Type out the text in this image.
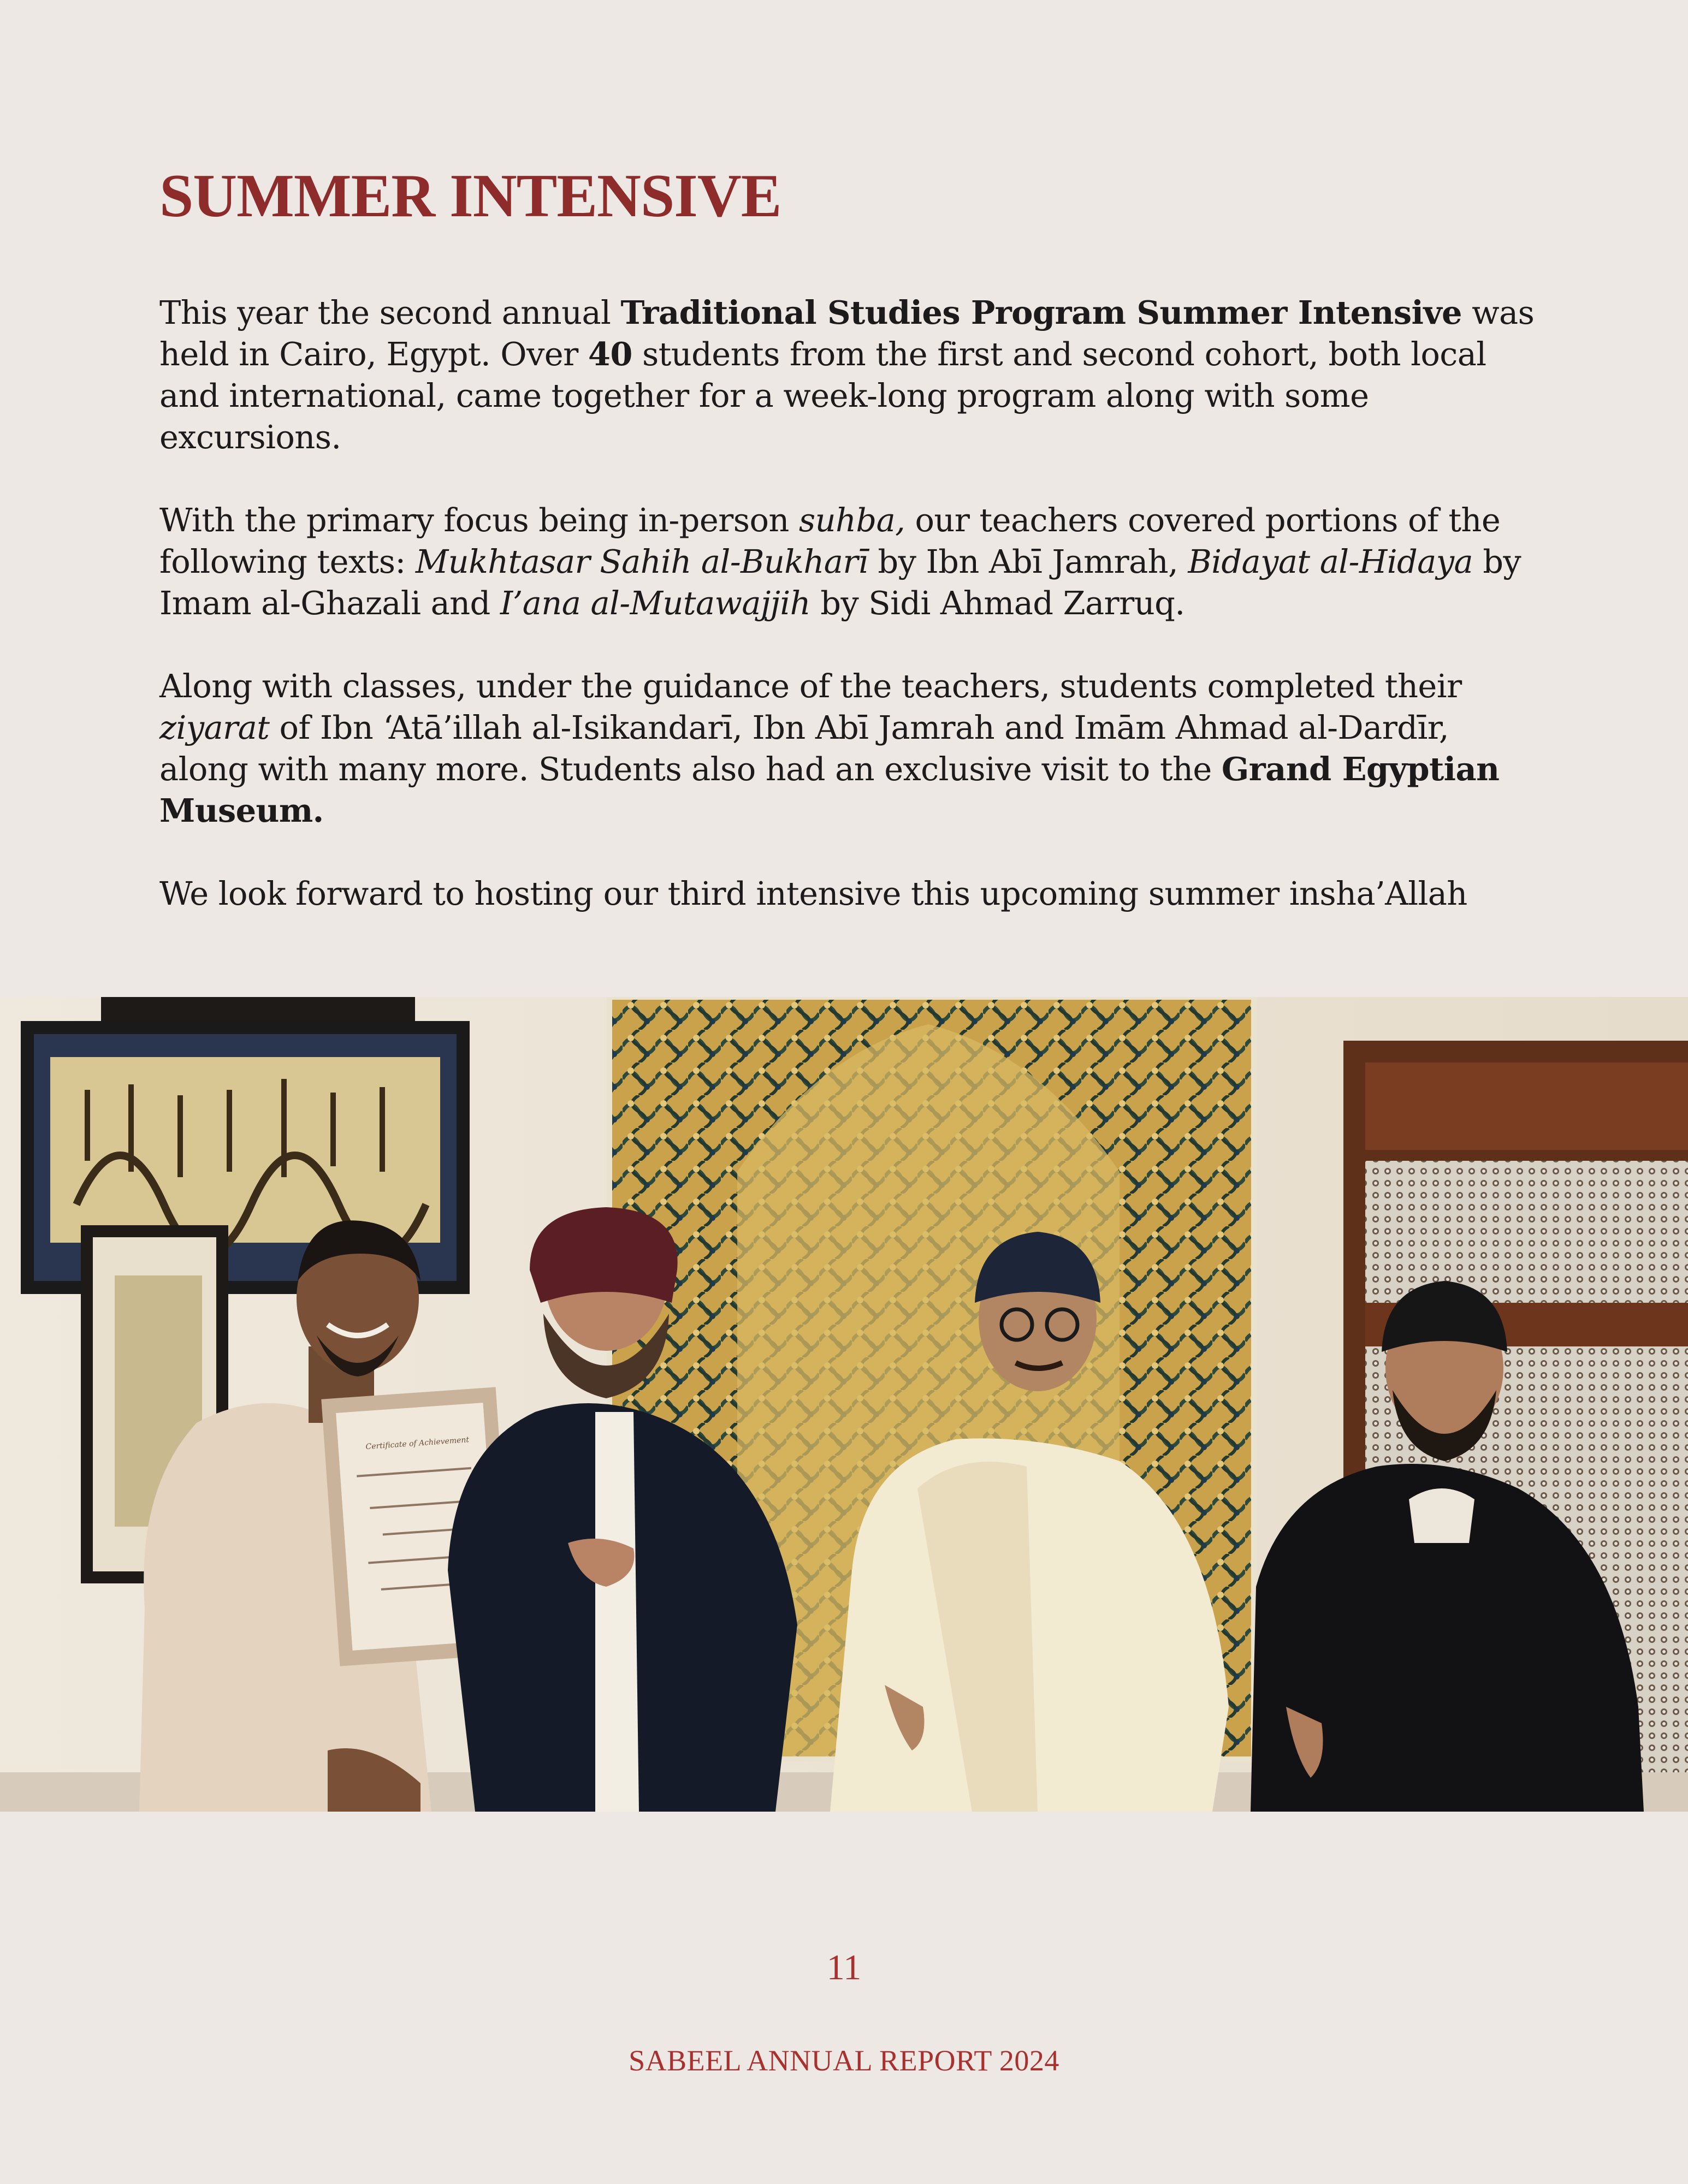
SUMMER INTENSIVE

This year the second annual Traditional Studies Program Summer Intensive was held in Cairo, Egypt. Over 40 students from the first and second cohort, both local and international, came together for a week-long program along with some excursions.

With the primary focus being in-person suhba, our teachers covered portions of the following texts: Mukhtasar Sahih al-Bukharī by Ibn Abī Jamrah, Bidayat al-Hidaya by Imam al-Ghazali and I’ana al-Mutawajjih by Sidi Ahmad Zarruq.

Along with classes, under the guidance of the teachers, students completed their ziyarat of Ibn ‘Atā’illah al-Isikandarī, Ibn Abī Jamrah and Imām Ahmad al-Dardīr, along with many more. Students also had an exclusive visit to the Grand Egyptian Museum.

We look forward to hosting our third intensive this upcoming summer insha’Allah

Certificate of Achievement
11
SABEEL ANNUAL REPORT 2024
